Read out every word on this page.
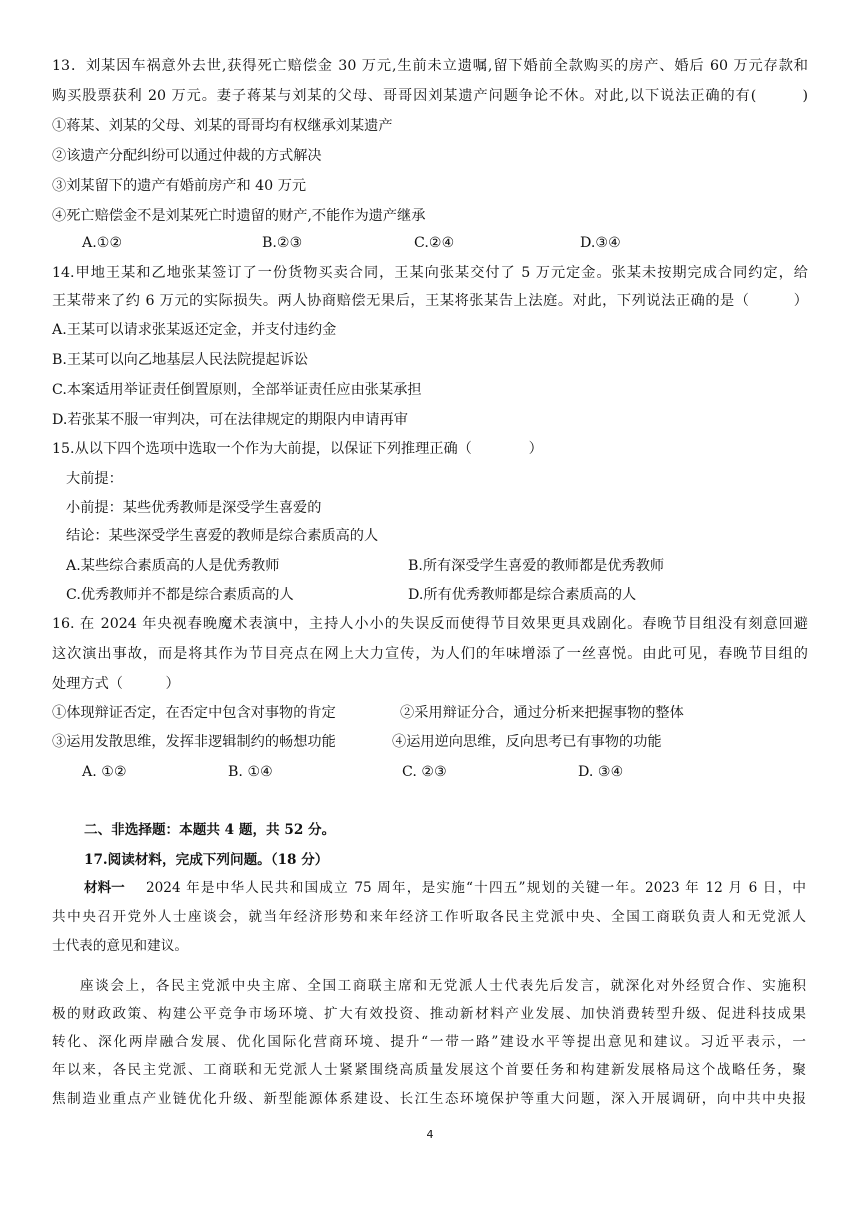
13．刘某因车祸意外去世,获得死亡赔偿金 30 万元,生前未立遗嘱,留下婚前全款购买的房产、婚后 60 万元存款和
购买股票获利 20 万元。妻子蒋某与刘某的父母、哥哥因刘某遗产问题争论不休。对此,以下说法正确的有(　　　)
①蒋某、刘某的父母、刘某的哥哥均有权继承刘某遗产
②该遗产分配纠纷可以通过仲裁的方式解决
③刘某留下的遗产有婚前房产和 40 万元
④死亡赔偿金不是刘某死亡时遗留的财产,不能作为遗产继承
A.①②	B.②③	C.②④	D.③④
14.甲地王某和乙地张某签订了一份货物买卖合同，王某向张某交付了 5 万元定金。张某未按期完成合同约定，给
王某带来了约 6 万元的实际损失。两人协商赔偿无果后，王某将张某告上法庭。对此，下列说法正确的是（　　　）
A.王某可以请求张某返还定金，并支付违约金
B.王某可以向乙地基层人民法院提起诉讼
C.本案适用举证责任倒置原则，全部举证责任应由张某承担
D.若张某不服一审判决，可在法律规定的期限内申请再审
15.从以下四个选项中选取一个作为大前提，以保证下列推理正确（　　　　）
大前提：
小前提：某些优秀教师是深受学生喜爱的
结论：某些深受学生喜爱的教师是综合素质高的人
A.某些综合素质高的人是优秀教师	B.所有深受学生喜爱的教师都是优秀教师
C.优秀教师并不都是综合素质高的人	D.所有优秀教师都是综合素质高的人
16. 在 2024 年央视春晚魔术表演中，主持人小小的失误反而使得节目效果更具戏剧化。春晚节目组没有刻意回避
这次演出事故，而是将其作为节目亮点在网上大力宣传，为人们的年味增添了一丝喜悦。由此可见，春晚节目组的
处理方式（　　　）
①体现辩证否定，在否定中包含对事物的肯定	②采用辩证分合，通过分析来把握事物的整体
③运用发散思维，发挥非逻辑制约的畅想功能	④运用逆向思维，反向思考已有事物的功能
A. ①②	B. ①④	C. ②③	D. ③④
二、非选择题：本题共 4 题，共 52 分。
17.阅读材料，完成下列问题。（18 分）
材料一 2024 年是中华人民共和国成立 75 周年，是实施“十四五”规划的关键一年。2023 年 12 月 6 日，中
共中央召开党外人士座谈会，就当年经济形势和来年经济工作听取各民主党派中央、全国工商联负责人和无党派人
士代表的意见和建议。
座谈会上，各民主党派中央主席、全国工商联主席和无党派人士代表先后发言，就深化对外经贸合作、实施积
极的财政政策、构建公平竞争市场环境、扩大有效投资、推动新材料产业发展、加快消费转型升级、促进科技成果
转化、深化两岸融合发展、优化国际化营商环境、提升“一带一路”建设水平等提出意见和建议。习近平表示，一
年以来，各民主党派、工商联和无党派人士紧紧围绕高质量发展这个首要任务和构建新发展格局这个战略任务，聚
焦制造业重点产业链优化升级、新型能源体系建设、长江生态环境保护等重大问题，深入开展调研，向中共中央报
4
